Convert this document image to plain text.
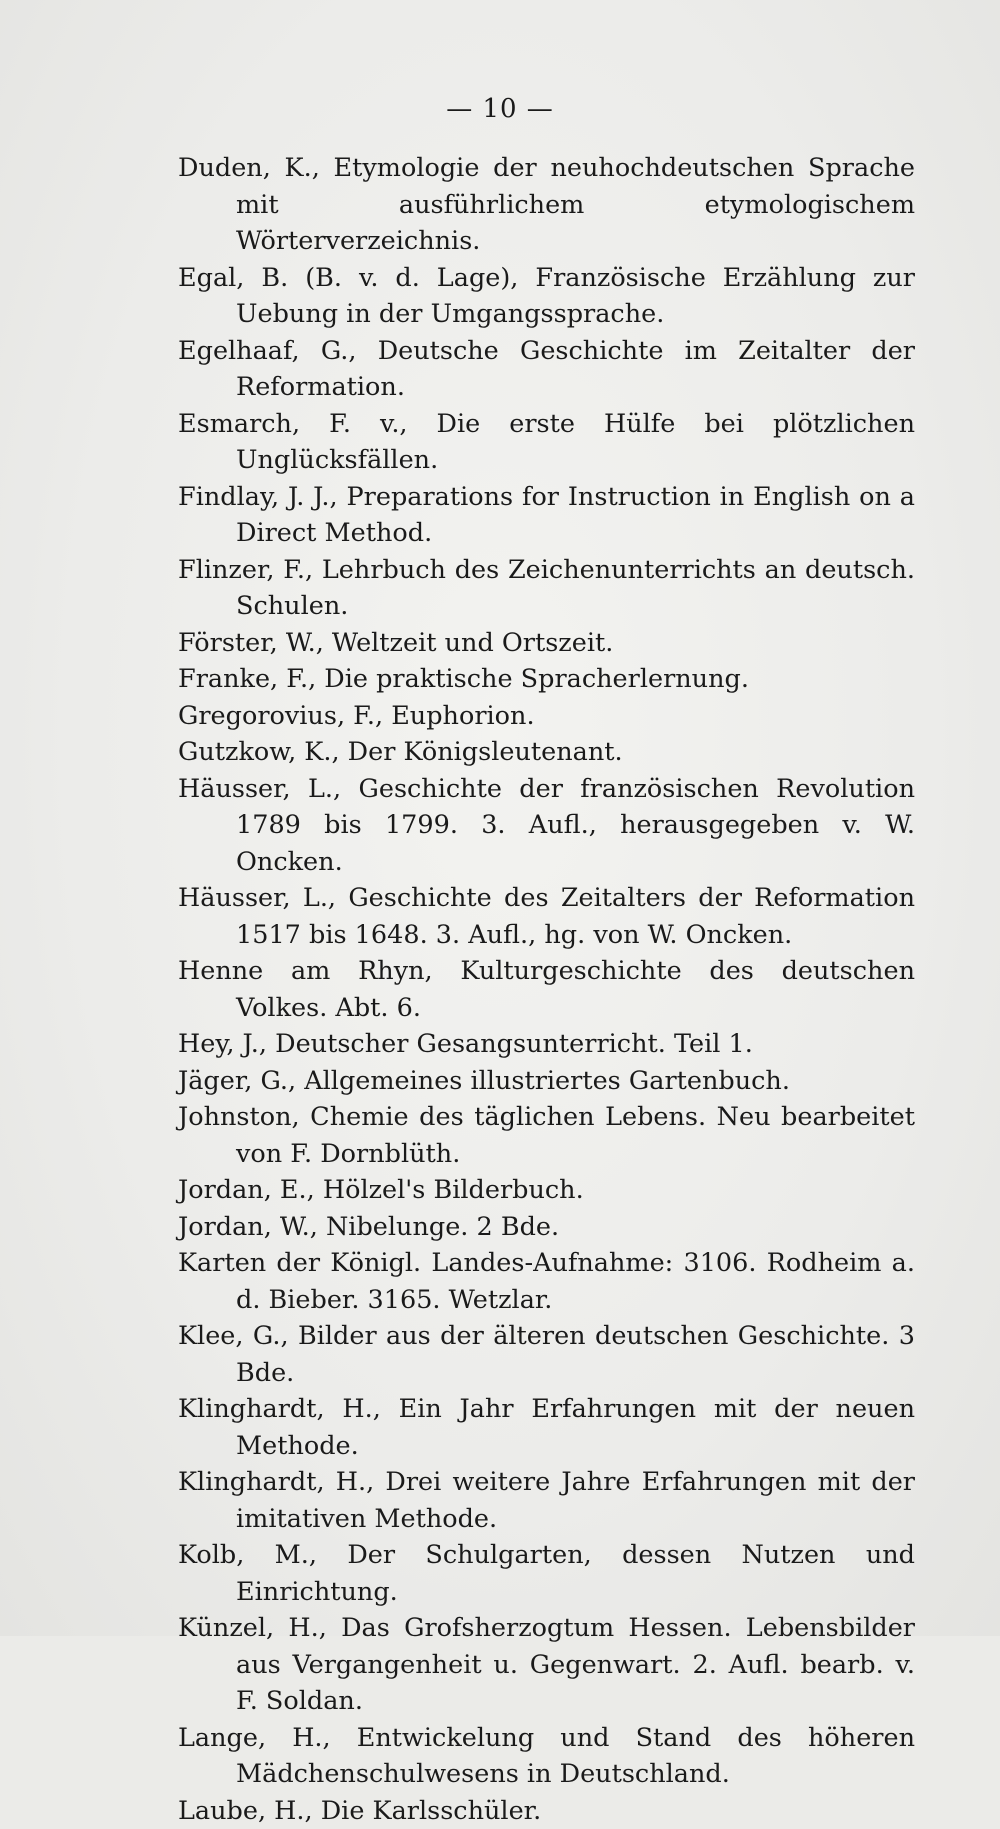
— 10 —

Duden, K., Etymologie der neuhochdeutschen Sprache mit ausführlichem etymologischem Wörterverzeichnis.

Egal, B. (B. v. d. Lage), Französische Erzählung zur Uebung in der Umgangssprache.

Egelhaaf, G., Deutsche Geschichte im Zeitalter der Reformation.

Esmarch, F. v., Die erste Hülfe bei plötzlichen Unglücksfällen.

Findlay, J. J., Preparations for Instruction in English on a Direct Method.

Flinzer, F., Lehrbuch des Zeichenunterrichts an deutsch. Schulen.

Förster, W., Weltzeit und Ortszeit.

Franke, F., Die praktische Spracherlernung.

Gregorovius, F., Euphorion.

Gutzkow, K., Der Königsleutenant.

Häusser, L., Geschichte der französischen Revolution 1789 bis 1799. 3. Aufl., herausgegeben v. W. Oncken.

Häusser, L., Geschichte des Zeitalters der Reformation 1517 bis 1648. 3. Aufl., hg. von W. Oncken.

Henne am Rhyn, Kulturgeschichte des deutschen Volkes. Abt. 6.

Hey, J., Deutscher Gesangsunterricht. Teil 1.

Jäger, G., Allgemeines illustriertes Gartenbuch.

Johnston, Chemie des täglichen Lebens. Neu bearbeitet von F. Dornblüth.

Jordan, E., Hölzel's Bilderbuch.

Jordan, W., Nibelunge. 2 Bde.

Karten der Königl. Landes-Aufnahme: 3106. Rodheim a. d. Bieber. 3165. Wetzlar.

Klee, G., Bilder aus der älteren deutschen Geschichte. 3 Bde.

Klinghardt, H., Ein Jahr Erfahrungen mit der neuen Methode.

Klinghardt, H., Drei weitere Jahre Erfahrungen mit der imitativen Methode.

Kolb, M., Der Schulgarten, dessen Nutzen und Einrichtung.

Künzel, H., Das Grofsherzogtum Hessen. Lebensbilder aus Vergangenheit u. Gegenwart. 2. Aufl. bearb. v. F. Soldan.

Lange, H., Entwickelung und Stand des höheren Mädchenschulwesens in Deutschland.

Laube, H., Die Karlsschüler.
